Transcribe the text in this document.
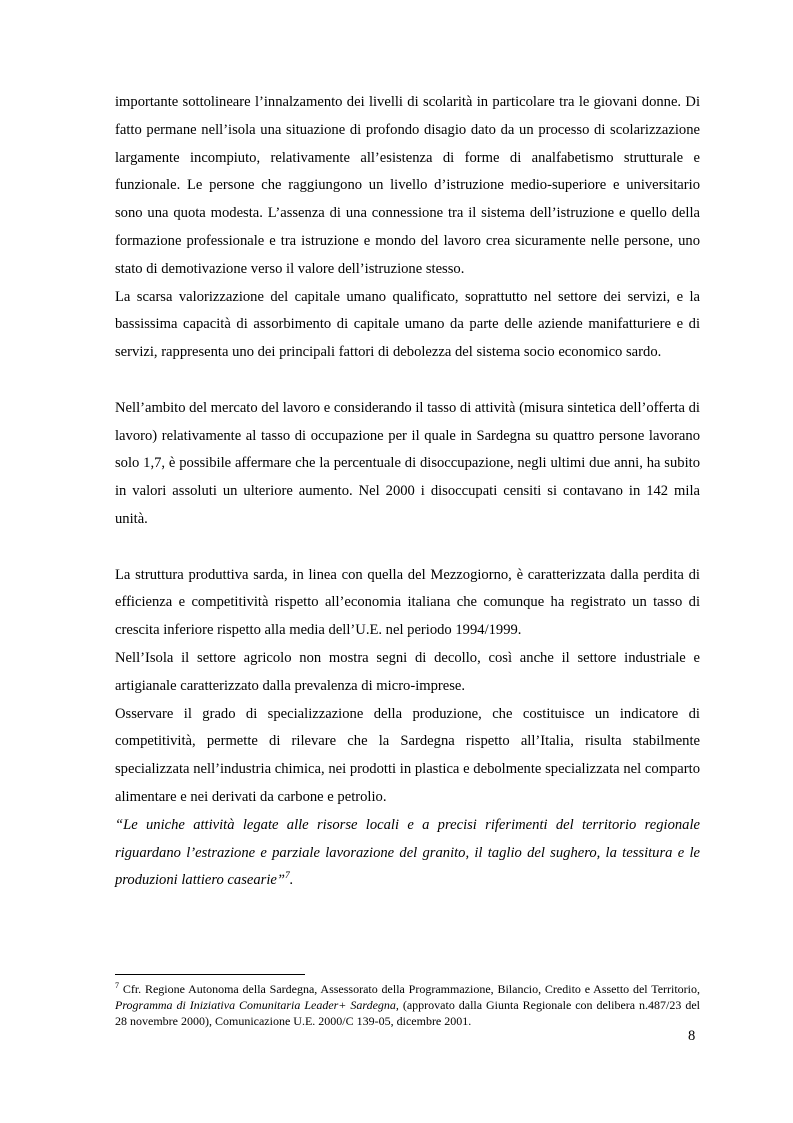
importante sottolineare l’innalzamento dei livelli di scolarità in particolare tra le giovani donne. Di fatto permane nell’isola una situazione di profondo disagio dato da un processo di scolarizzazione largamente incompiuto, relativamente all’esistenza di forme di analfabetismo strutturale e funzionale. Le persone che raggiungono un livello d’istruzione medio-superiore e universitario sono una quota modesta. L’assenza di una connessione tra il sistema dell’istruzione e quello della formazione professionale e tra istruzione e mondo del lavoro crea sicuramente nelle persone, uno stato di demotivazione verso il valore dell’istruzione stesso.

La scarsa valorizzazione del capitale umano qualificato, soprattutto nel settore dei servizi, e la bassissima capacità di assorbimento di capitale umano da parte delle aziende manifatturiere e di servizi, rappresenta uno dei principali fattori di debolezza del sistema socio economico sardo.

Nell’ambito del mercato del lavoro e considerando il tasso di attività (misura sintetica dell’offerta di lavoro) relativamente al tasso di occupazione per il quale in Sardegna su quattro persone lavorano solo 1,7, è possibile affermare che la percentuale di disoccupazione, negli ultimi due anni, ha subito in valori assoluti un ulteriore aumento. Nel 2000 i disoccupati censiti si contavano in 142 mila unità.

La struttura produttiva sarda, in linea con quella del Mezzogiorno, è caratterizzata dalla perdita di efficienza e competitività rispetto all’economia italiana che comunque ha registrato un tasso di crescita inferiore rispetto alla media dell’U.E. nel periodo 1994/1999.

Nell’Isola il settore agricolo non mostra segni di decollo, così anche il settore industriale e artigianale caratterizzato dalla prevalenza di micro-imprese.

Osservare il grado di specializzazione della produzione, che costituisce un indicatore di competitività, permette di rilevare che la Sardegna rispetto all’Italia, risulta stabilmente specializzata nell’industria chimica, nei prodotti in plastica e debolmente specializzata nel comparto alimentare e nei derivati da carbone e petrolio.

“Le uniche attività legate alle risorse locali e a precisi riferimenti del territorio regionale riguardano l’estrazione e parziale lavorazione del granito, il taglio del sughero, la tessitura e le produzioni lattiero casearie”$^7$.

$^7$ Cfr. Regione Autonoma della Sardegna, Assessorato della Programmazione, Bilancio, Credito e Assetto del Territorio, Programma di Iniziativa Comunitaria Leader+ Sardegna, (approvato dalla Giunta Regionale con delibera n.487/23 del 28 novembre 2000), Comunicazione U.E. 2000/C 139-05, dicembre 2001.
8
